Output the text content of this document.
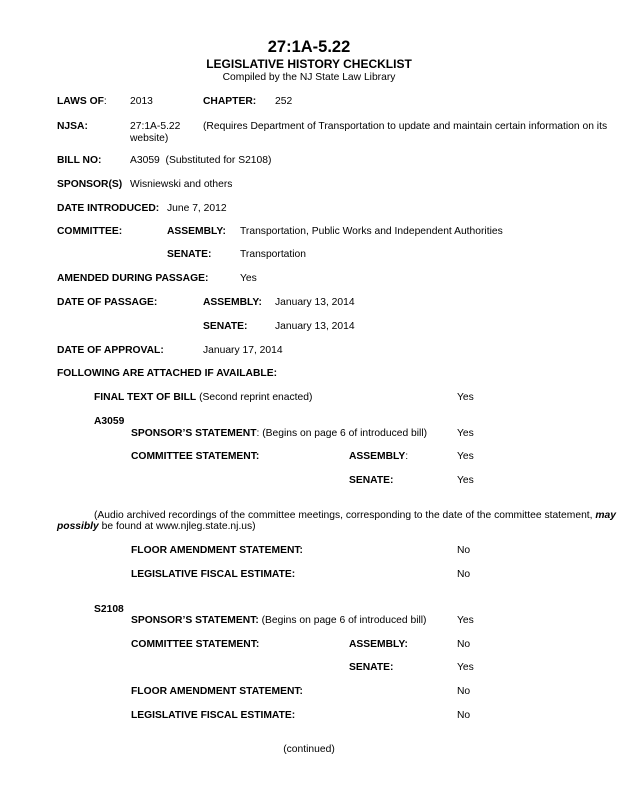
27:1A-5.22
LEGISLATIVE HISTORY CHECKLIST
Compiled by the NJ State Law Library
LAWS OF: 2013	CHAPTER: 252
NJSA:	27:1A-5.22 (Requires Department of Transportation to update and maintain certain information on its
website)
BILL NO:	A3059 (Substituted for S2108)
SPONSOR(S) Wisniewski and others
DATE INTRODUCED: June 7, 2012
COMMITTEE:	ASSEMBLY: Transportation, Public Works and Independent Authorities
SENATE:	Transportation
AMENDED DURING PASSAGE:	Yes
DATE OF PASSAGE:	ASSEMBLY: January 13, 2014
SENATE:	January 13, 2014
DATE OF APPROVAL:	January 17, 2014
FOLLOWING ARE ATTACHED IF AVAILABLE:
FINAL TEXT OF BILL (Second reprint enacted)	Yes
A3059
SPONSOR’S STATEMENT: (Begins on page 6 of introduced bill)	Yes
COMMITTEE STATEMENT:	ASSEMBLY:	Yes
SENATE:	Yes
(Audio archived recordings of the committee meetings, corresponding to the date of the committee statement, may
possibly be found at www.njleg.state.nj.us)
FLOOR AMENDMENT STATEMENT:	No
LEGISLATIVE FISCAL ESTIMATE:	No
S2108
SPONSOR’S STATEMENT: (Begins on page 6 of introduced bill)	Yes
COMMITTEE STATEMENT:	ASSEMBLY:	No
SENATE:	Yes
FLOOR AMENDMENT STATEMENT:	No
LEGISLATIVE FISCAL ESTIMATE:	No
(continued)
